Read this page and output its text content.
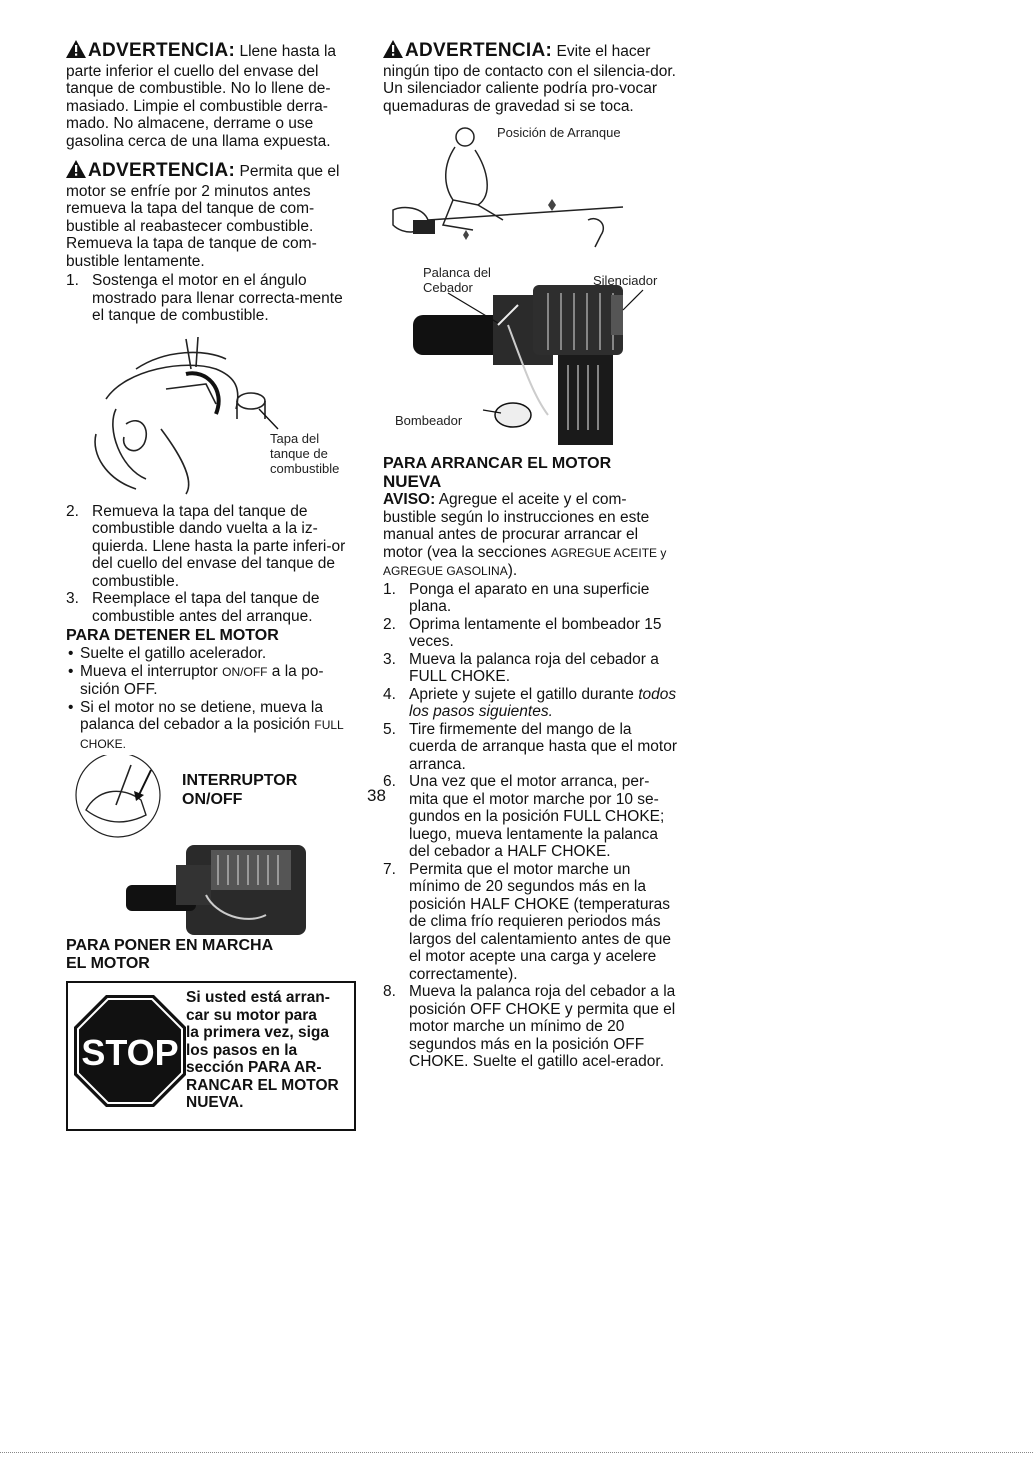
ADVERTENCIA: Llene hasta la parte inferior el cuello del envase del tanque de combustible. No lo llene de-masiado. Limpie el combustible derra-mado. No almacene, derrame o use gasolina cerca de una llama expuesta.
ADVERTENCIA: Permita que el motor se enfríe por 2 minutos antes remueva la tapa del tanque de com-bustible al reabastecer combustible. Remueva la tapa de tanque de com-bustible lentamente.
1. Sostenga el motor en el ángulo mostrado para llenar correcta-mente el tanque de combustible.
Tapa del
tanque de
combustible
2. Remueva la tapa del tanque de combustible dando vuelta a la iz-quierda. Llene hasta la parte inferi-or del cuello del envase del tanque de combustible.
3. Reemplace el tapa del tanque de combustible antes del arranque.
PARA DETENER EL MOTOR
• Suelte el gatillo acelerador.
• Mueva el interruptor ON/OFF a la po-sición OFF.
• Si el motor no se detiene, mueva la palanca del cebador a la posición FULL CHOKE.
INTERRUPTOR
ON/OFF
PARA PONER EN MARCHA
EL MOTOR
STOP
Si usted está arran-
car su motor para
la primera vez, siga
los pasos en la
sección PARA AR-
RANCAR EL MOTOR
NUEVA.
ADVERTENCIA: Evite el hacer ningún tipo de contacto con el silencia-dor. Un silenciador caliente podría pro-vocar quemaduras de gravedad si se toca.
Posición de Arranque
Palanca del
Cebador	Silenciador
Bombeador
PARA ARRANCAR EL MOTOR
NUEVA

AVISO: Agregue el aceite y el com-bustible según lo instrucciones en este manual antes de procurar arrancar el motor (vea la secciones AGREGUE ACEITE y AGREGUE GASOLINA).

1. Ponga el aparato en una superficie plana.
2. Oprima lentamente el bombeador 15 veces.
3. Mueva la palanca roja del cebador a FULL CHOKE.
4. Apriete y sujete el gatillo durante todos los pasos siguientes.
5. Tire firmemente del mango de la cuerda de arranque hasta que el motor arranca.
6. Una vez que el motor arranca, per-mita que el motor marche por 10 se-gundos en la posición FULL CHOKE; luego, mueva lentamente la palanca del cebador a HALF CHOKE.
7. Permita que el motor marche un mínimo de 20 segundos más en la posición HALF CHOKE (temperaturas de clima frío requieren periodos más largos del calentamiento antes de que el motor acepte una carga y acelere correctamente).
8. Mueva la palanca roja del cebador a la posición OFF CHOKE y permita que el motor marche un mínimo de 20 segundos más en la posición OFF CHOKE. Suelte el gatillo acel-erador.
38
